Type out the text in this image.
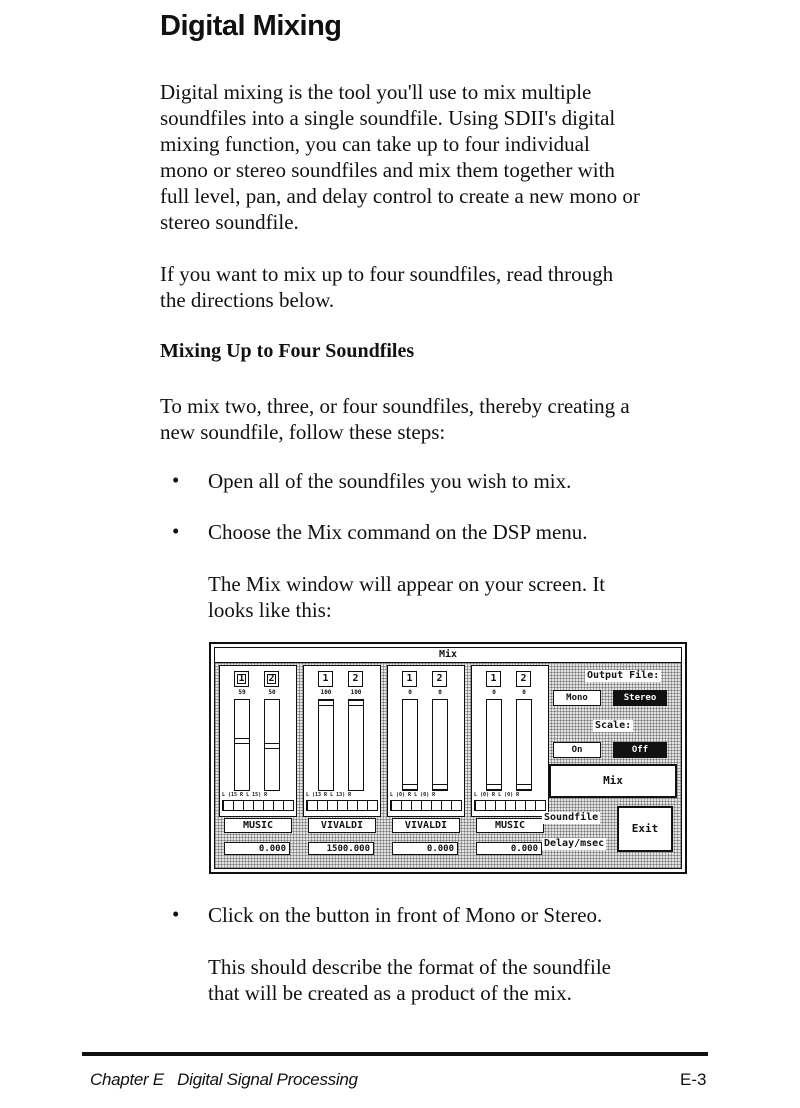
Digital Mixing

Digital mixing is the tool you'll use to mix multiple

soundfiles into a single soundfile. Using SDII's digital

mixing function, you can take up to four individual

mono or stereo soundfiles and mix them together with

full level, pan, and delay control to create a new mono or

stereo soundfile.

If you want to mix up to four soundfiles, read through

the directions below.

Mixing Up to Four Soundfiles

To mix two, three, or four soundfiles, thereby creating a

new soundfile, follow these steps:

• Open all of the soundfiles you wish to mix.
• Choose the Mix command on the DSP menu.
The Mix window will appear on your screen. It
looks like this:
Mix
1	2
59	50
L (15 R L 15) R
MUSIC
0.000
1	2
100	100
L (13 R L 13) R
VIVALDI
1500.000
1	2
0	0
L (0) R L (0) R
VIVALDI
0.000
1	2
0	0
L (0) R L (0) R
MUSIC
0.000
Output File:
Mono	Stereo
Scale:
On	Off
Mix
Soundfile
Delay/msec
Exit
• Click on the button in front of Mono or Stereo.
This should describe the format of the soundfile
that will be created as a product of the mix.
Chapter E   Digital Signal Processing	E-3
